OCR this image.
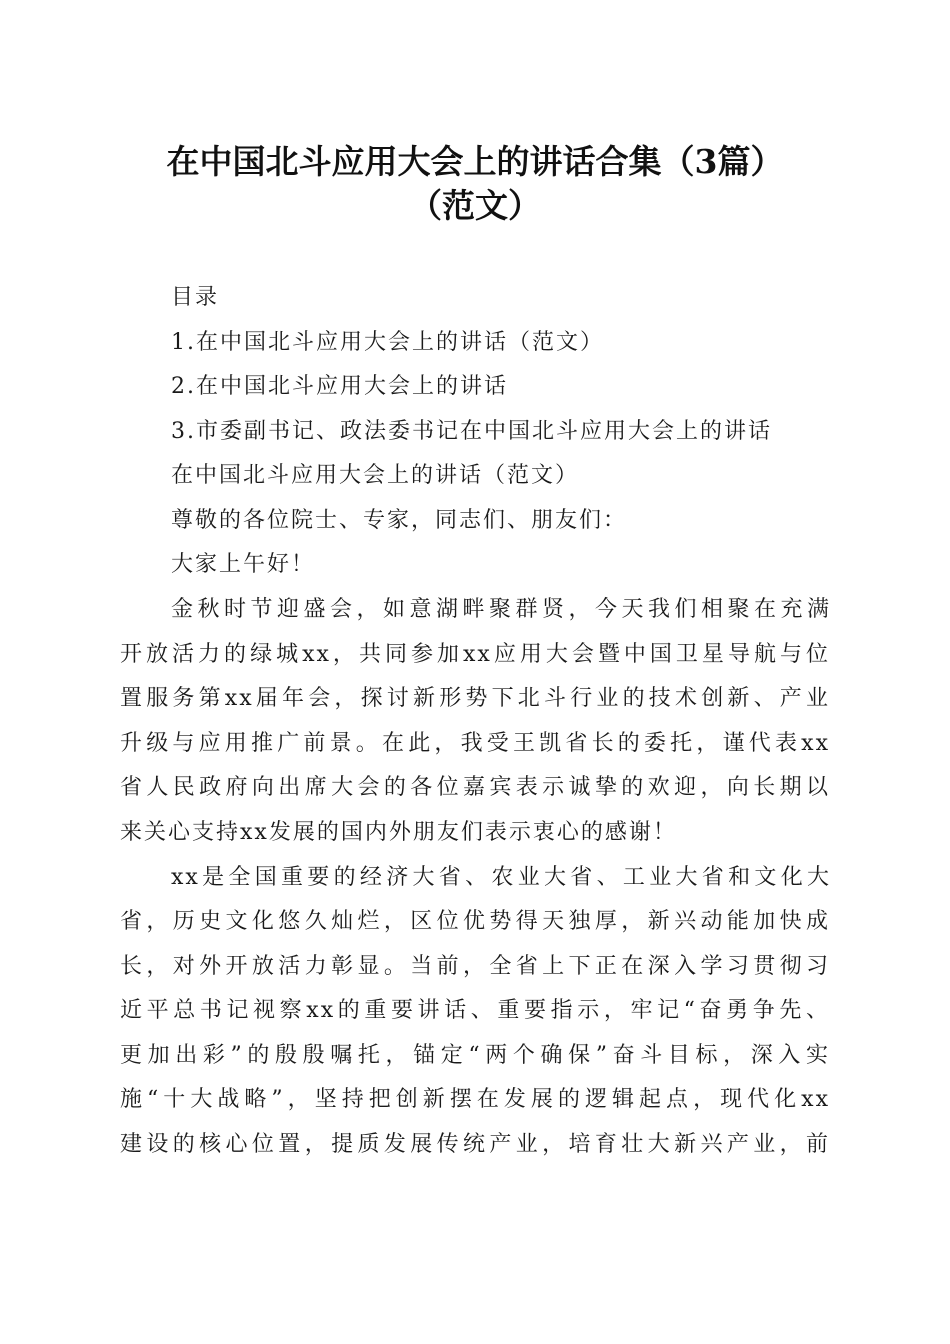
在中国北斗应用大会上的讲话合集（3篇）
（范文）
目录
1.在中国北斗应用大会上的讲话（范文）
2.在中国北斗应用大会上的讲话
3.市委副书记、政法委书记在中国北斗应用大会上的讲话
在中国北斗应用大会上的讲话（范文）
尊敬的各位院士、专家，同志们、朋友们：
大家上午好！
金秋时节迎盛会，如意湖畔聚群贤，今天我们相聚在充满
开放活力的绿城xx，共同参加xx应用大会暨中国卫星导航与位
置服务第xx届年会，探讨新形势下北斗行业的技术创新、产业
升级与应用推广前景。在此，我受王凯省长的委托，谨代表xx
省人民政府向出席大会的各位嘉宾表示诚挚的欢迎，向长期以
来关心支持xx发展的国内外朋友们表示衷心的感谢！
xx是全国重要的经济大省、农业大省、工业大省和文化大
省，历史文化悠久灿烂，区位优势得天独厚，新兴动能加快成
长，对外开放活力彰显。当前，全省上下正在深入学习贯彻习
近平总书记视察xx的重要讲话、重要指示，牢记“奋勇争先、
更加出彩”的殷殷嘱托，锚定“两个确保”奋斗目标，深入实
施“十大战略”，坚持把创新摆在发展的逻辑起点，现代化xx
建设的核心位置，提质发展传统产业，培育壮大新兴产业，前
